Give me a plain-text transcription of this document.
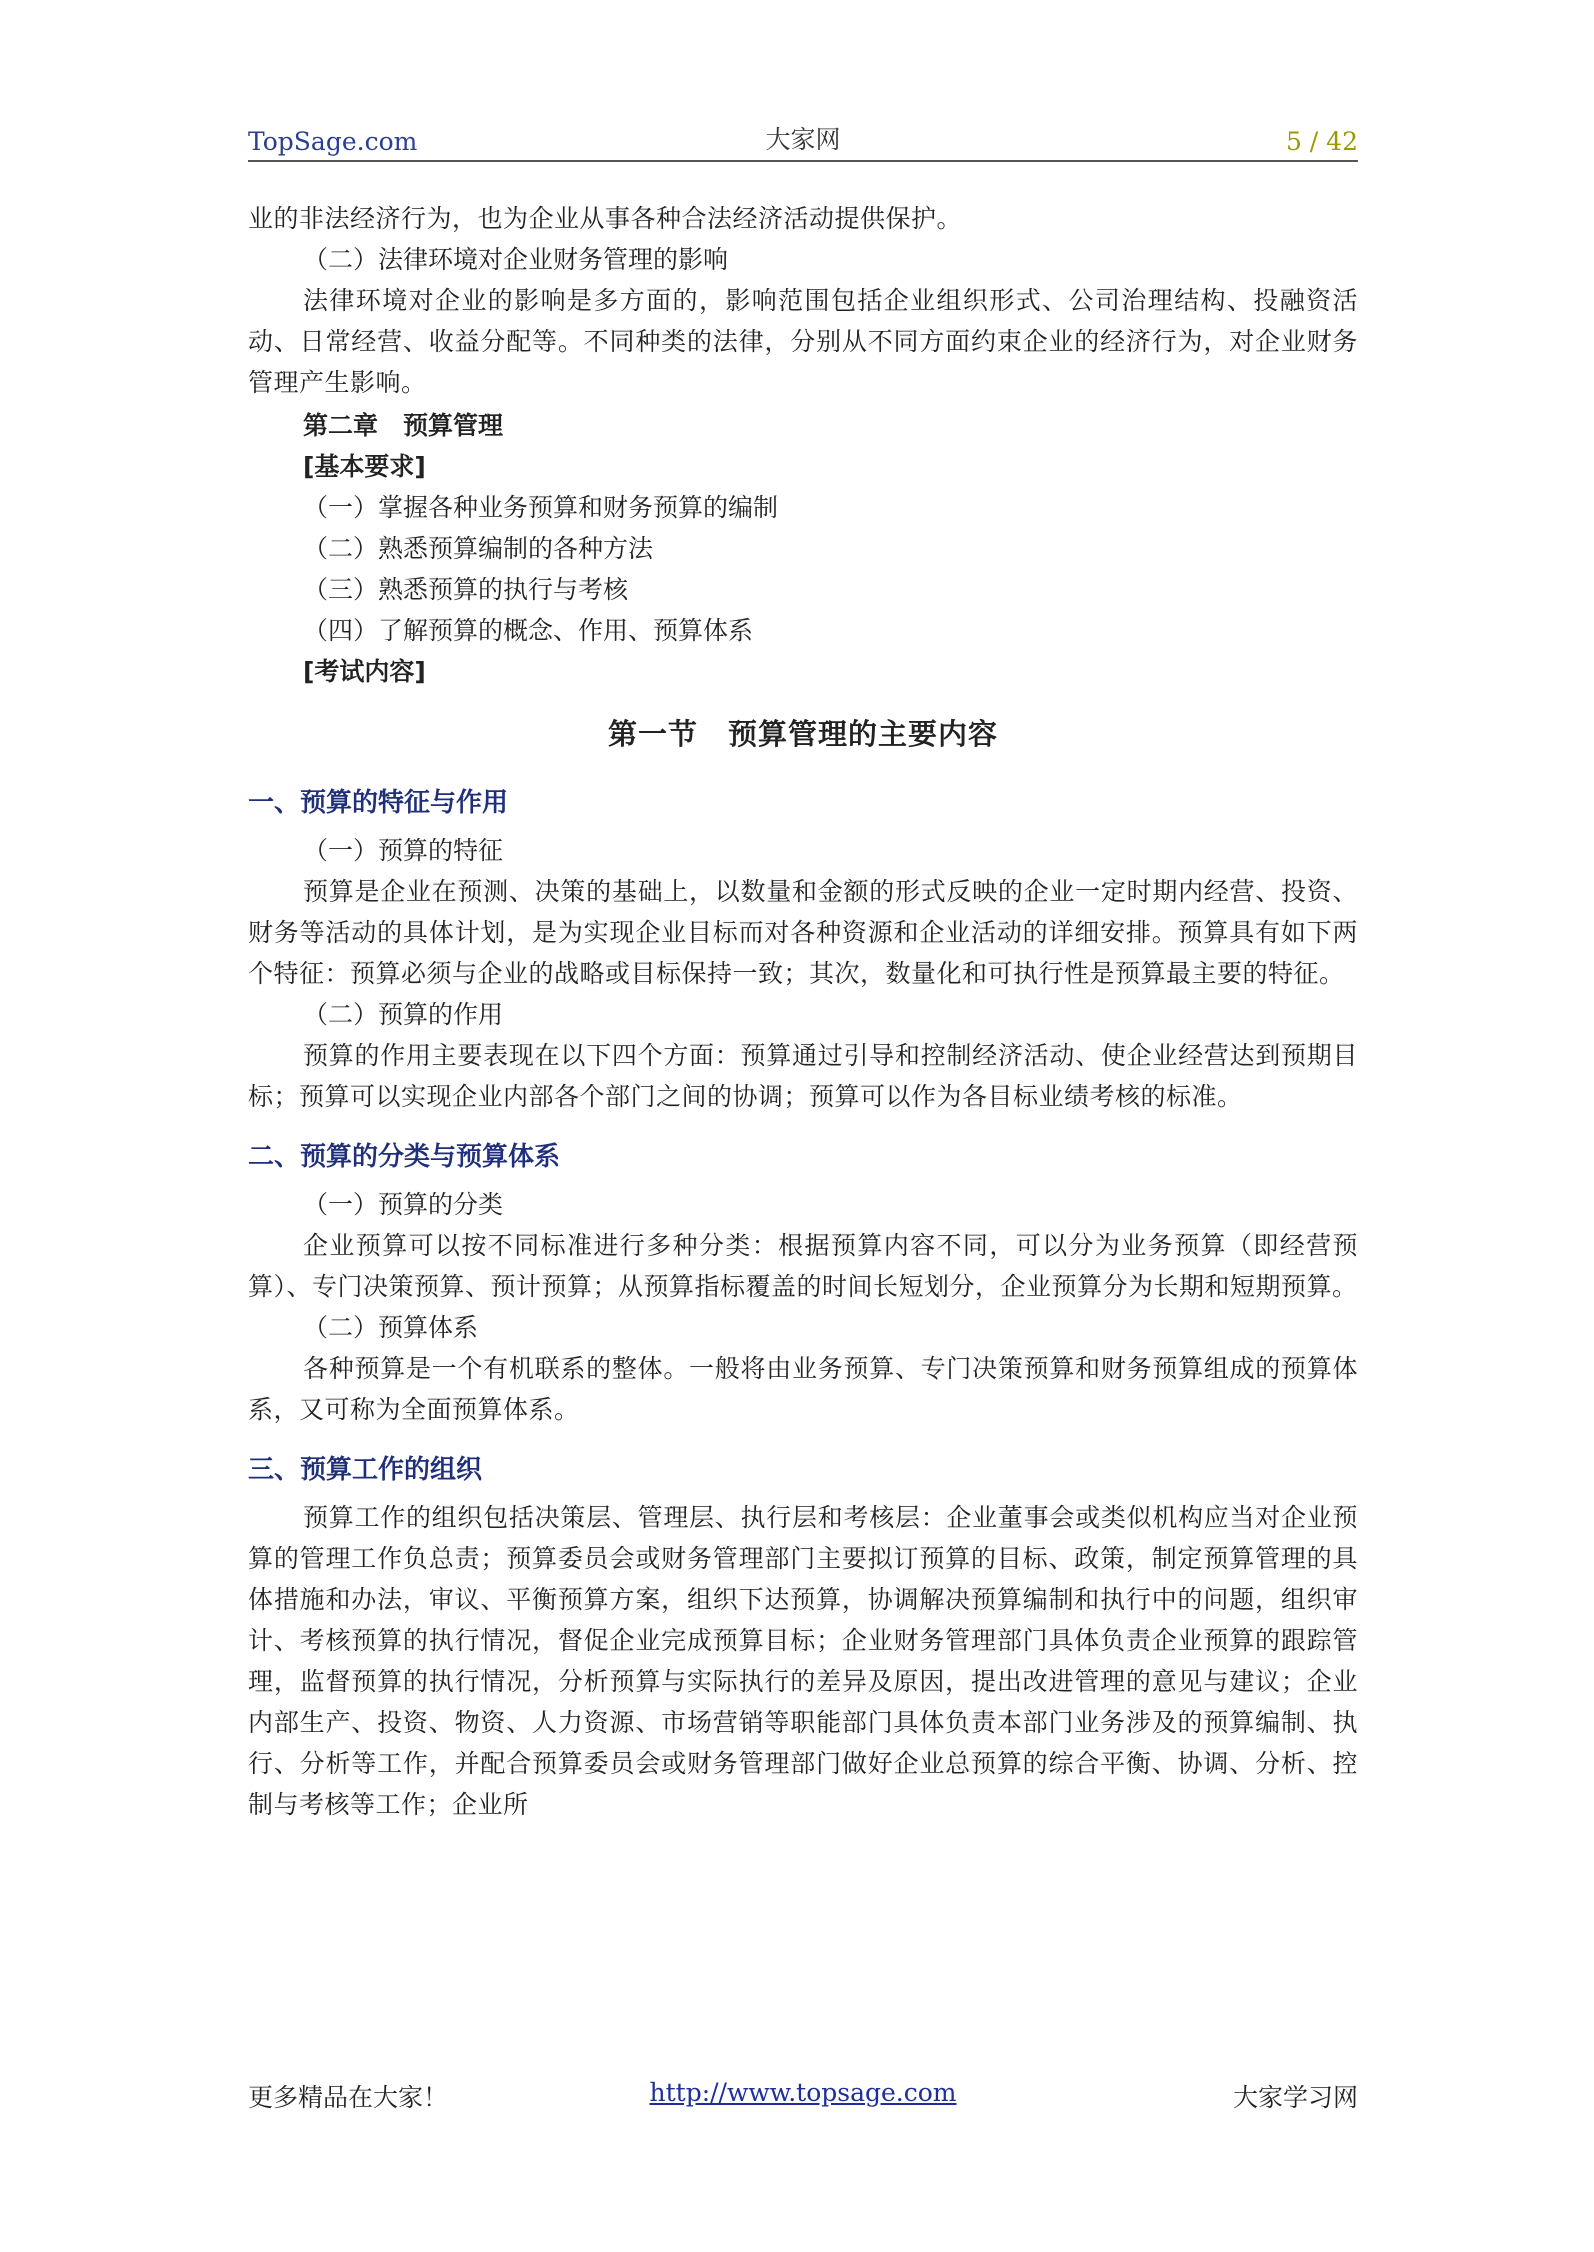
TopSage.com	大家网	5 / 42

业的非法经济行为，也为企业从事各种合法经济活动提供保护。

（二）法律环境对企业财务管理的影响

法律环境对企业的影响是多方面的，影响范围包括企业组织形式、公司治理结构、投融资活动、日常经营、收益分配等。不同种类的法律，分别从不同方面约束企业的经济行为，对企业财务管理产生影响。

第二章　预算管理

[基本要求]

（一）掌握各种业务预算和财务预算的编制

（二）熟悉预算编制的各种方法

（三）熟悉预算的执行与考核

（四）了解预算的概念、作用、预算体系

[考试内容]

第一节　预算管理的主要内容

一、预算的特征与作用

（一）预算的特征

预算是企业在预测、决策的基础上，以数量和金额的形式反映的企业一定时期内经营、投资、财务等活动的具体计划，是为实现企业目标而对各种资源和企业活动的详细安排。预算具有如下两个特征：预算必须与企业的战略或目标保持一致；其次，数量化和可执行性是预算最主要的特征。

（二）预算的作用

预算的作用主要表现在以下四个方面：预算通过引导和控制经济活动、使企业经营达到预期目标；预算可以实现企业内部各个部门之间的协调；预算可以作为各目标业绩考核的标准。

二、预算的分类与预算体系

（一）预算的分类

企业预算可以按不同标准进行多种分类：根据预算内容不同，可以分为业务预算（即经营预算）、专门决策预算、预计预算；从预算指标覆盖的时间长短划分，企业预算分为长期和短期预算。

（二）预算体系

各种预算是一个有机联系的整体。一般将由业务预算、专门决策预算和财务预算组成的预算体系，又可称为全面预算体系。

三、预算工作的组织

预算工作的组织包括决策层、管理层、执行层和考核层：企业董事会或类似机构应当对企业预算的管理工作负总责；预算委员会或财务管理部门主要拟订预算的目标、政策，制定预算管理的具体措施和办法，审议、平衡预算方案，组织下达预算，协调解决预算编制和执行中的问题，组织审计、考核预算的执行情况，督促企业完成预算目标；企业财务管理部门具体负责企业预算的跟踪管理，监督预算的执行情况，分析预算与实际执行的差异及原因，提出改进管理的意见与建议；企业内部生产、投资、物资、人力资源、市场营销等职能部门具体负责本部门业务涉及的预算编制、执行、分析等工作，并配合预算委员会或财务管理部门做好企业总预算的综合平衡、协调、分析、控制与考核等工作；企业所

更多精品在大家！	http://www.topsage.com	大家学习网
